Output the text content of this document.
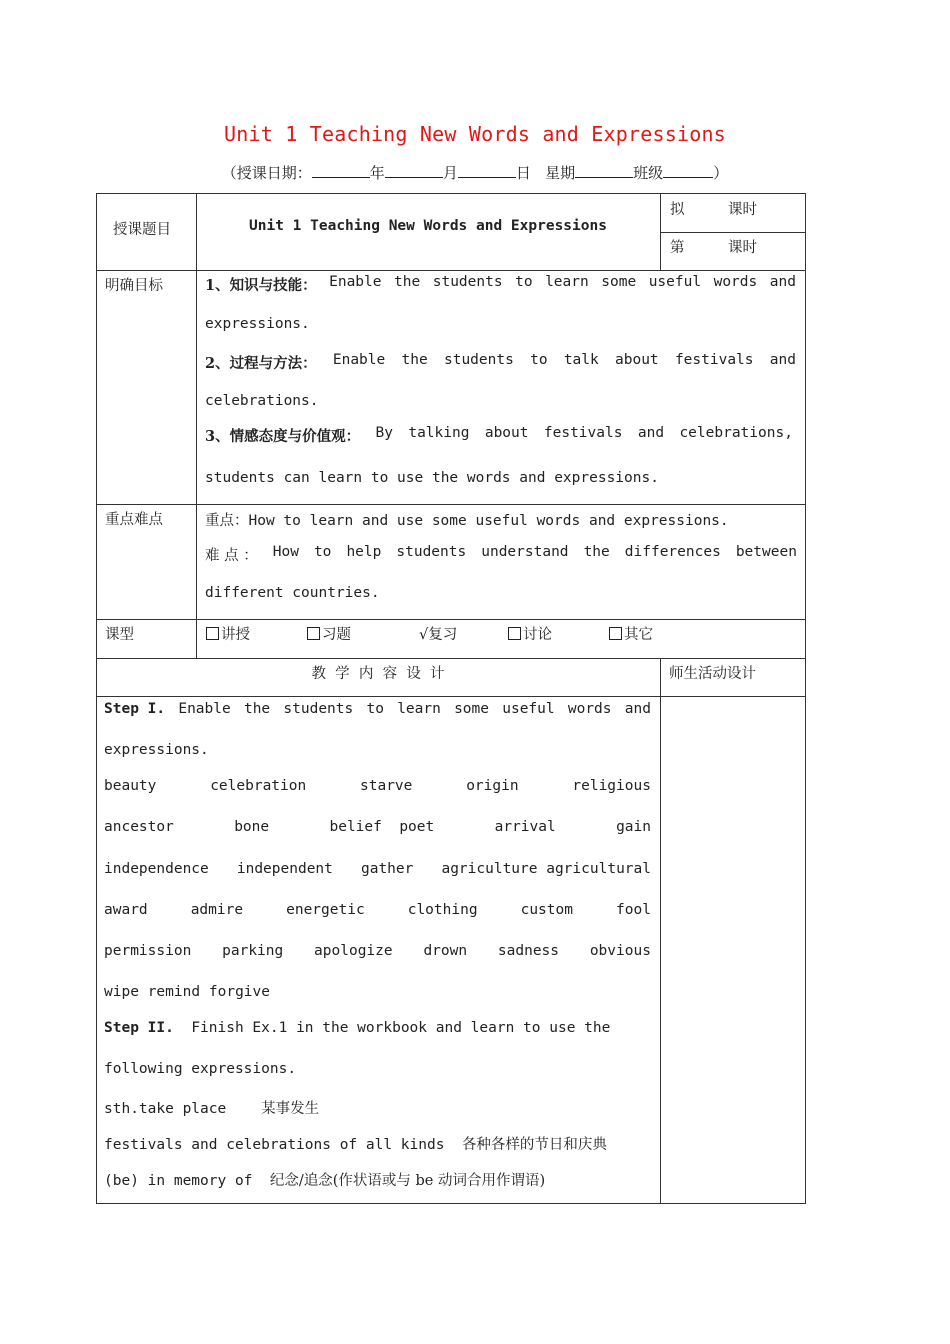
Unit 1 Teaching New Words and Expressions
（授课日期：	年	月	日 星期	班级	）
授课题目	Unit 1 Teaching New Words and Expressions
拟	课时
第	课时
明确目标	1、知识与技能： Enable the students to learn some useful words and
expressions.
2、过程与方法： Enable the students to talk about festivals and
celebrations.
3、情感态度与价值观： By talking about festivals and celebrations,
students can learn to use the words and expressions.
重点难点	重点：How to learn and use some useful words and expressions.
难 点 ： How to help students understand the differences between
different countries.
课型	讲授	习题	√复习	讨论	其它
教  学  内  容  设  计	师生活动设计
Step I. Enable the students to learn some useful words and
expressions.
beauty	celebration	starve	origin	religious
ancestor	bone	belief  poet	arrival	gain
independence independent gather agriculture agricultural
award	admire	energetic	clothing	custom	fool
permission parking apologize drown sadness obvious
wipe remind forgive
Step II. Finish Ex.1 in the workbook and learn to use the
following expressions.
sth.take place 某事发生
festivals and celebrations of all kinds 各种各样的节日和庆典
(be) in memory of 纪念/追念(作状语或与 be 动词合用作谓语)
